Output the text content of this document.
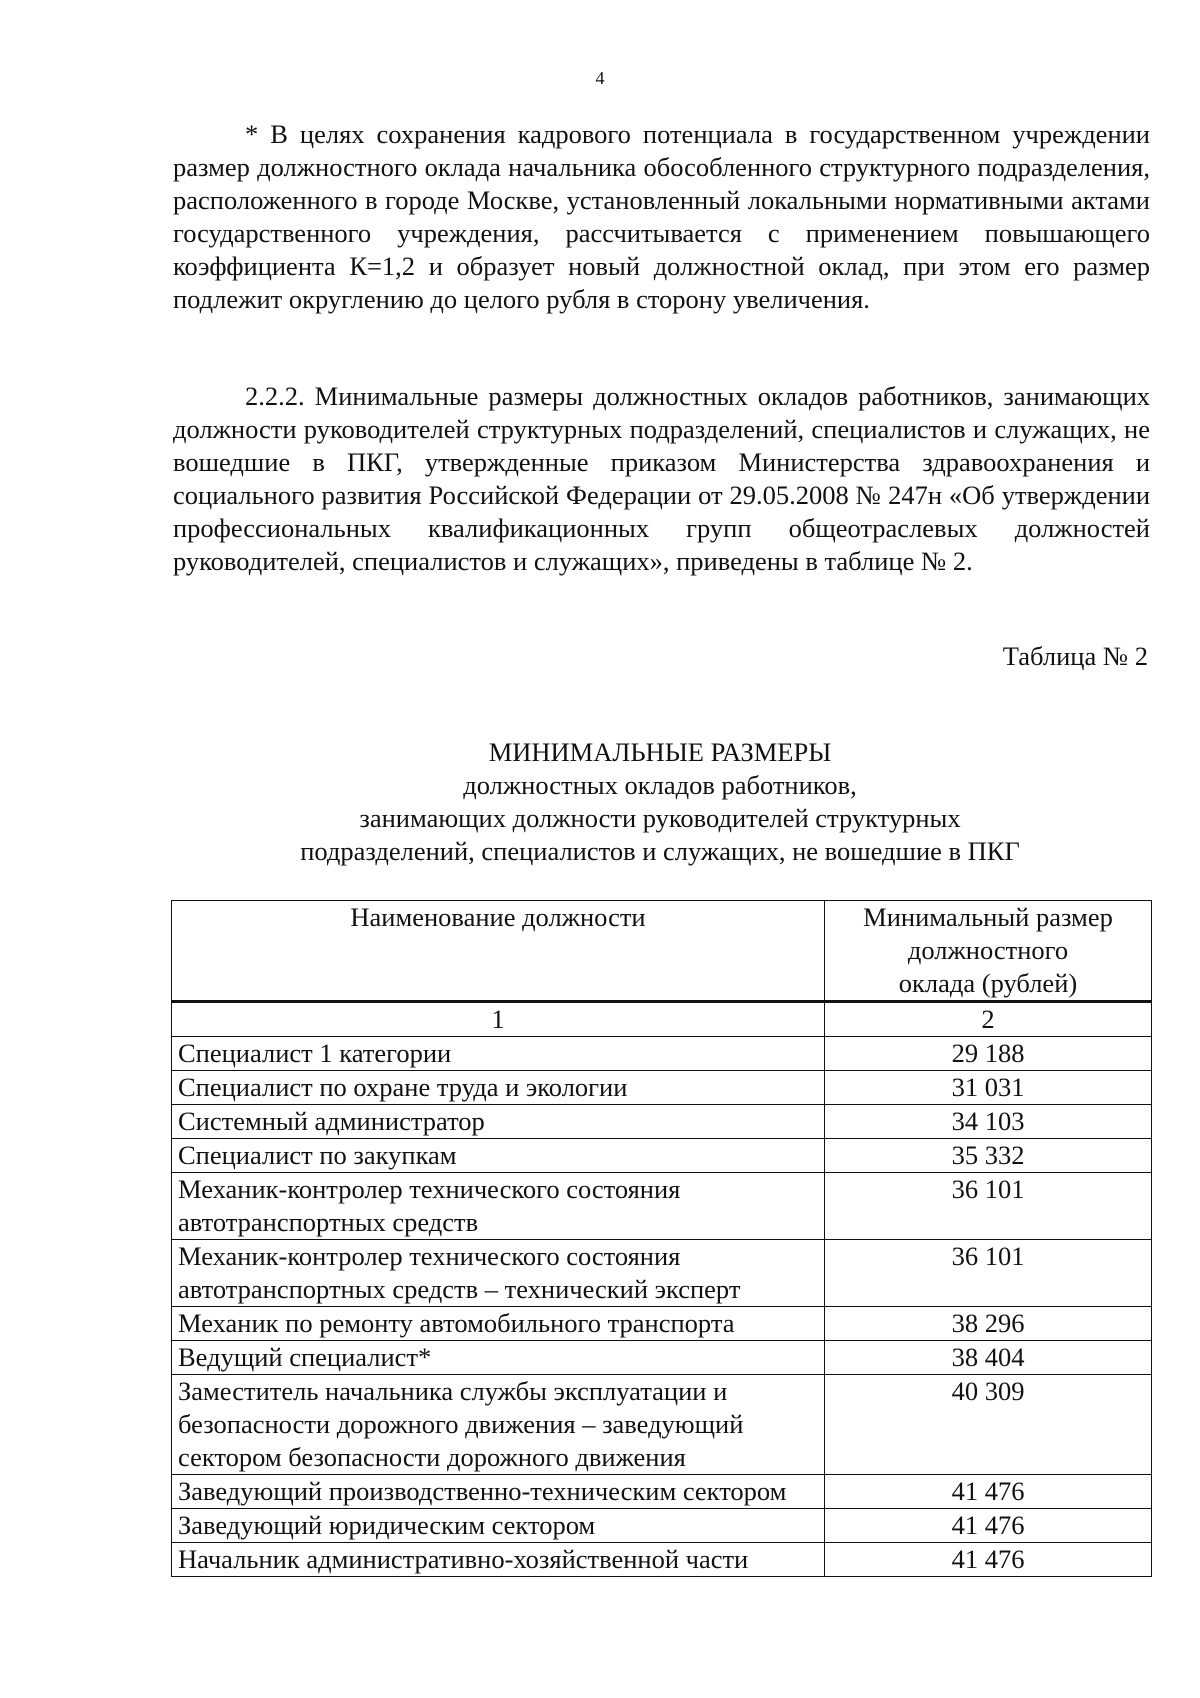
4

* В целях сохранения кадрового потенциала в государственном учреждении размер должностного оклада начальника обособленного структурного подразделения, расположенного в городе Москве, установленный локальными нормативными актами государственного учреждения, рассчитывается с применением повышающего коэффициента К=1,2 и образует новый должностной оклад, при этом его размер подлежит округлению до целого рубля в сторону увеличения.

2.2.2. Минимальные размеры должностных окладов работников, занимающих должности руководителей структурных подразделений, специалистов и служащих, не вошедшие в ПКГ, утвержденные приказом Министерства здравоохранения и социального развития Российской Федерации от 29.05.2008 № 247н «Об утверждении профессиональных квалификационных групп общеотраслевых должностей руководителей, специалистов и служащих», приведены в таблице № 2.

Таблица № 2
МИНИМАЛЬНЫЕ РАЗМЕРЫ
должностных окладов работников,
занимающих должности руководителей структурных
подразделений, специалистов и служащих, не вошедшие в ПКГ
Наименование должности	Минимальный размер
должностного
оклада (рублей)

1	2
Специалист 1 категории	29 188
Специалист по охране труда и экологии	31 031
Системный администратор	34 103
Специалист по закупкам	35 332
Механик-контролер технического состояния автотранспортных средств	36 101
Механик-контролер технического состояния автотранспортных средств – технический эксперт	36 101
Механик по ремонту автомобильного транспорта	38 296
Ведущий специалист*	38 404
Заместитель начальника службы эксплуатации и безопасности дорожного движения – заведующий сектором безопасности дорожного движения	40 309
Заведующий производственно-техническим сектором	41 476
Заведующий юридическим сектором	41 476
Начальник административно-хозяйственной части	41 476
